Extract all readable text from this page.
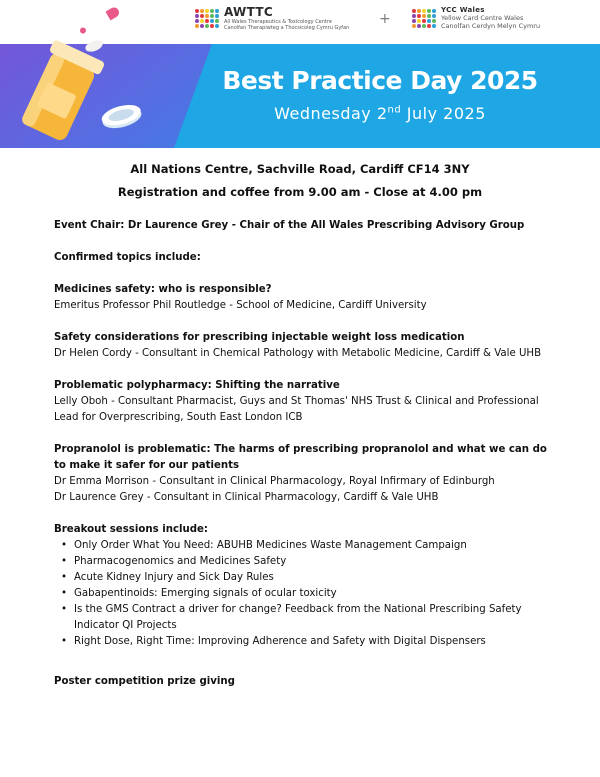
AWTTC
All Wales Therapeutics & Toxicology Centre
Canolfan Therapiwteg a Thocsicoleg Cymru Gyfan
+
YCC Wales
Yellow Card Centre Wales
Canolfan Cerdyn Melyn Cymru
Best Practice Day 2025
Wednesday 2nd July 2025
All Nations Centre, Sachville Road, Cardiff CF14 3NY
Registration and coffee from 9.00 am - Close at 4.00 pm
Event Chair: Dr Laurence Grey - Chair of the All Wales Prescribing Advisory Group
Confirmed topics include:
Medicines safety: who is responsible?
Emeritus Professor Phil Routledge - School of Medicine, Cardiff University
Safety considerations for prescribing injectable weight loss medication
Dr Helen Cordy - Consultant in Chemical Pathology with Metabolic Medicine, Cardiff & Vale UHB
Problematic polypharmacy: Shifting the narrative
Lelly Oboh - Consultant Pharmacist, Guys and St Thomas' NHS Trust & Clinical and Professional Lead for Overprescribing, South East London ICB
Propranolol is problematic: The harms of prescribing propranolol and what we can do to make it safer for our patients
Dr Emma Morrison - Consultant in Clinical Pharmacology, Royal Infirmary of Edinburgh
Dr Laurence Grey - Consultant in Clinical Pharmacology, Cardiff & Vale UHB
Breakout sessions include:
• Only Order What You Need: ABUHB Medicines Waste Management Campaign
• Pharmacogenomics and Medicines Safety
• Acute Kidney Injury and Sick Day Rules
• Gabapentinoids: Emerging signals of ocular toxicity
• Is the GMS Contract a driver for change? Feedback from the National Prescribing Safety Indicator QI Projects
• Right Dose, Right Time: Improving Adherence and Safety with Digital Dispensers
Poster competition prize giving
